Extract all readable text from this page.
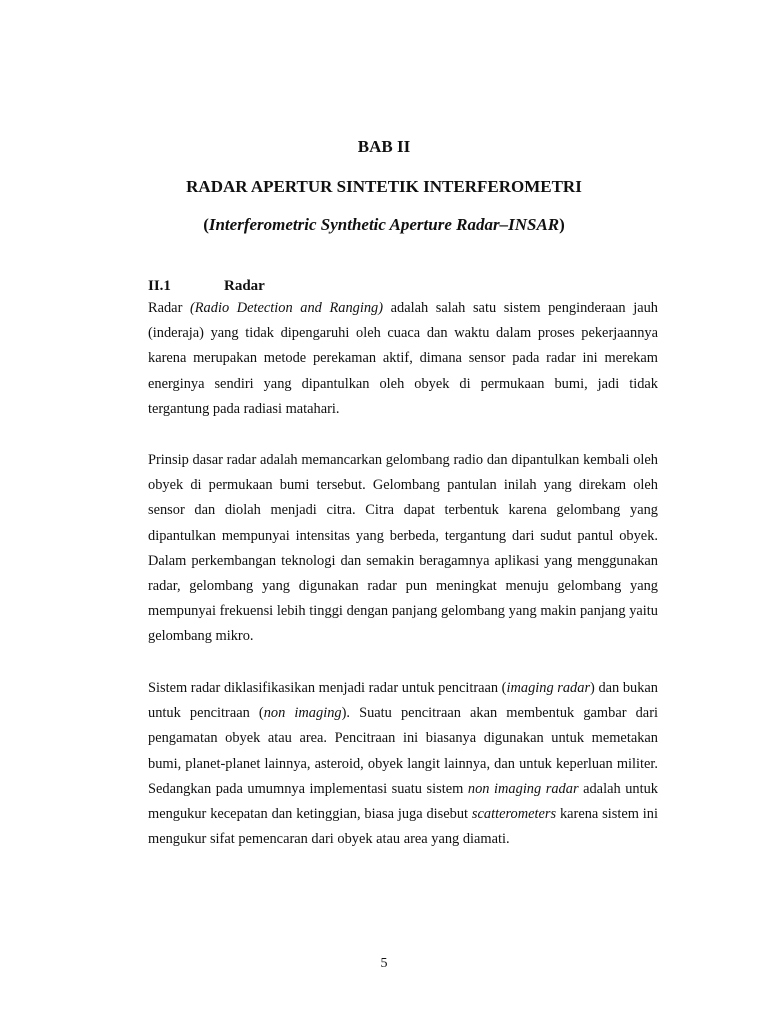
BAB II
RADAR APERTUR SINTETIK INTERFEROMETRI
(Interferometric Synthetic Aperture Radar–INSAR)
II.1	Radar

Radar (Radio Detection and Ranging) adalah salah satu sistem penginderaan jauh (inderaja) yang tidak dipengaruhi oleh cuaca dan waktu dalam proses pekerjaannya karena merupakan metode perekaman aktif, dimana sensor pada radar ini merekam energinya sendiri yang dipantulkan oleh obyek di permukaan bumi, jadi tidak tergantung pada radiasi matahari.

Prinsip dasar radar adalah memancarkan gelombang radio dan dipantulkan kembali oleh obyek di permukaan bumi tersebut. Gelombang pantulan inilah yang direkam oleh sensor dan diolah menjadi citra. Citra dapat terbentuk karena gelombang yang dipantulkan mempunyai intensitas yang berbeda, tergantung dari sudut pantul obyek. Dalam perkembangan teknologi dan semakin beragamnya aplikasi yang menggunakan radar, gelombang yang digunakan radar pun meningkat menuju gelombang yang mempunyai frekuensi lebih tinggi dengan panjang gelombang yang makin panjang yaitu gelombang mikro.

Sistem radar diklasifikasikan menjadi radar untuk pencitraan (imaging radar) dan bukan untuk pencitraan (non imaging). Suatu pencitraan akan membentuk gambar dari pengamatan obyek atau area. Pencitraan ini biasanya digunakan untuk memetakan bumi, planet-planet lainnya, asteroid, obyek langit lainnya, dan untuk keperluan militer. Sedangkan pada umumnya implementasi suatu sistem non imaging radar adalah untuk mengukur kecepatan dan ketinggian, biasa juga disebut scatterometers karena sistem ini mengukur sifat pemencaran dari obyek atau area yang diamati.

5
